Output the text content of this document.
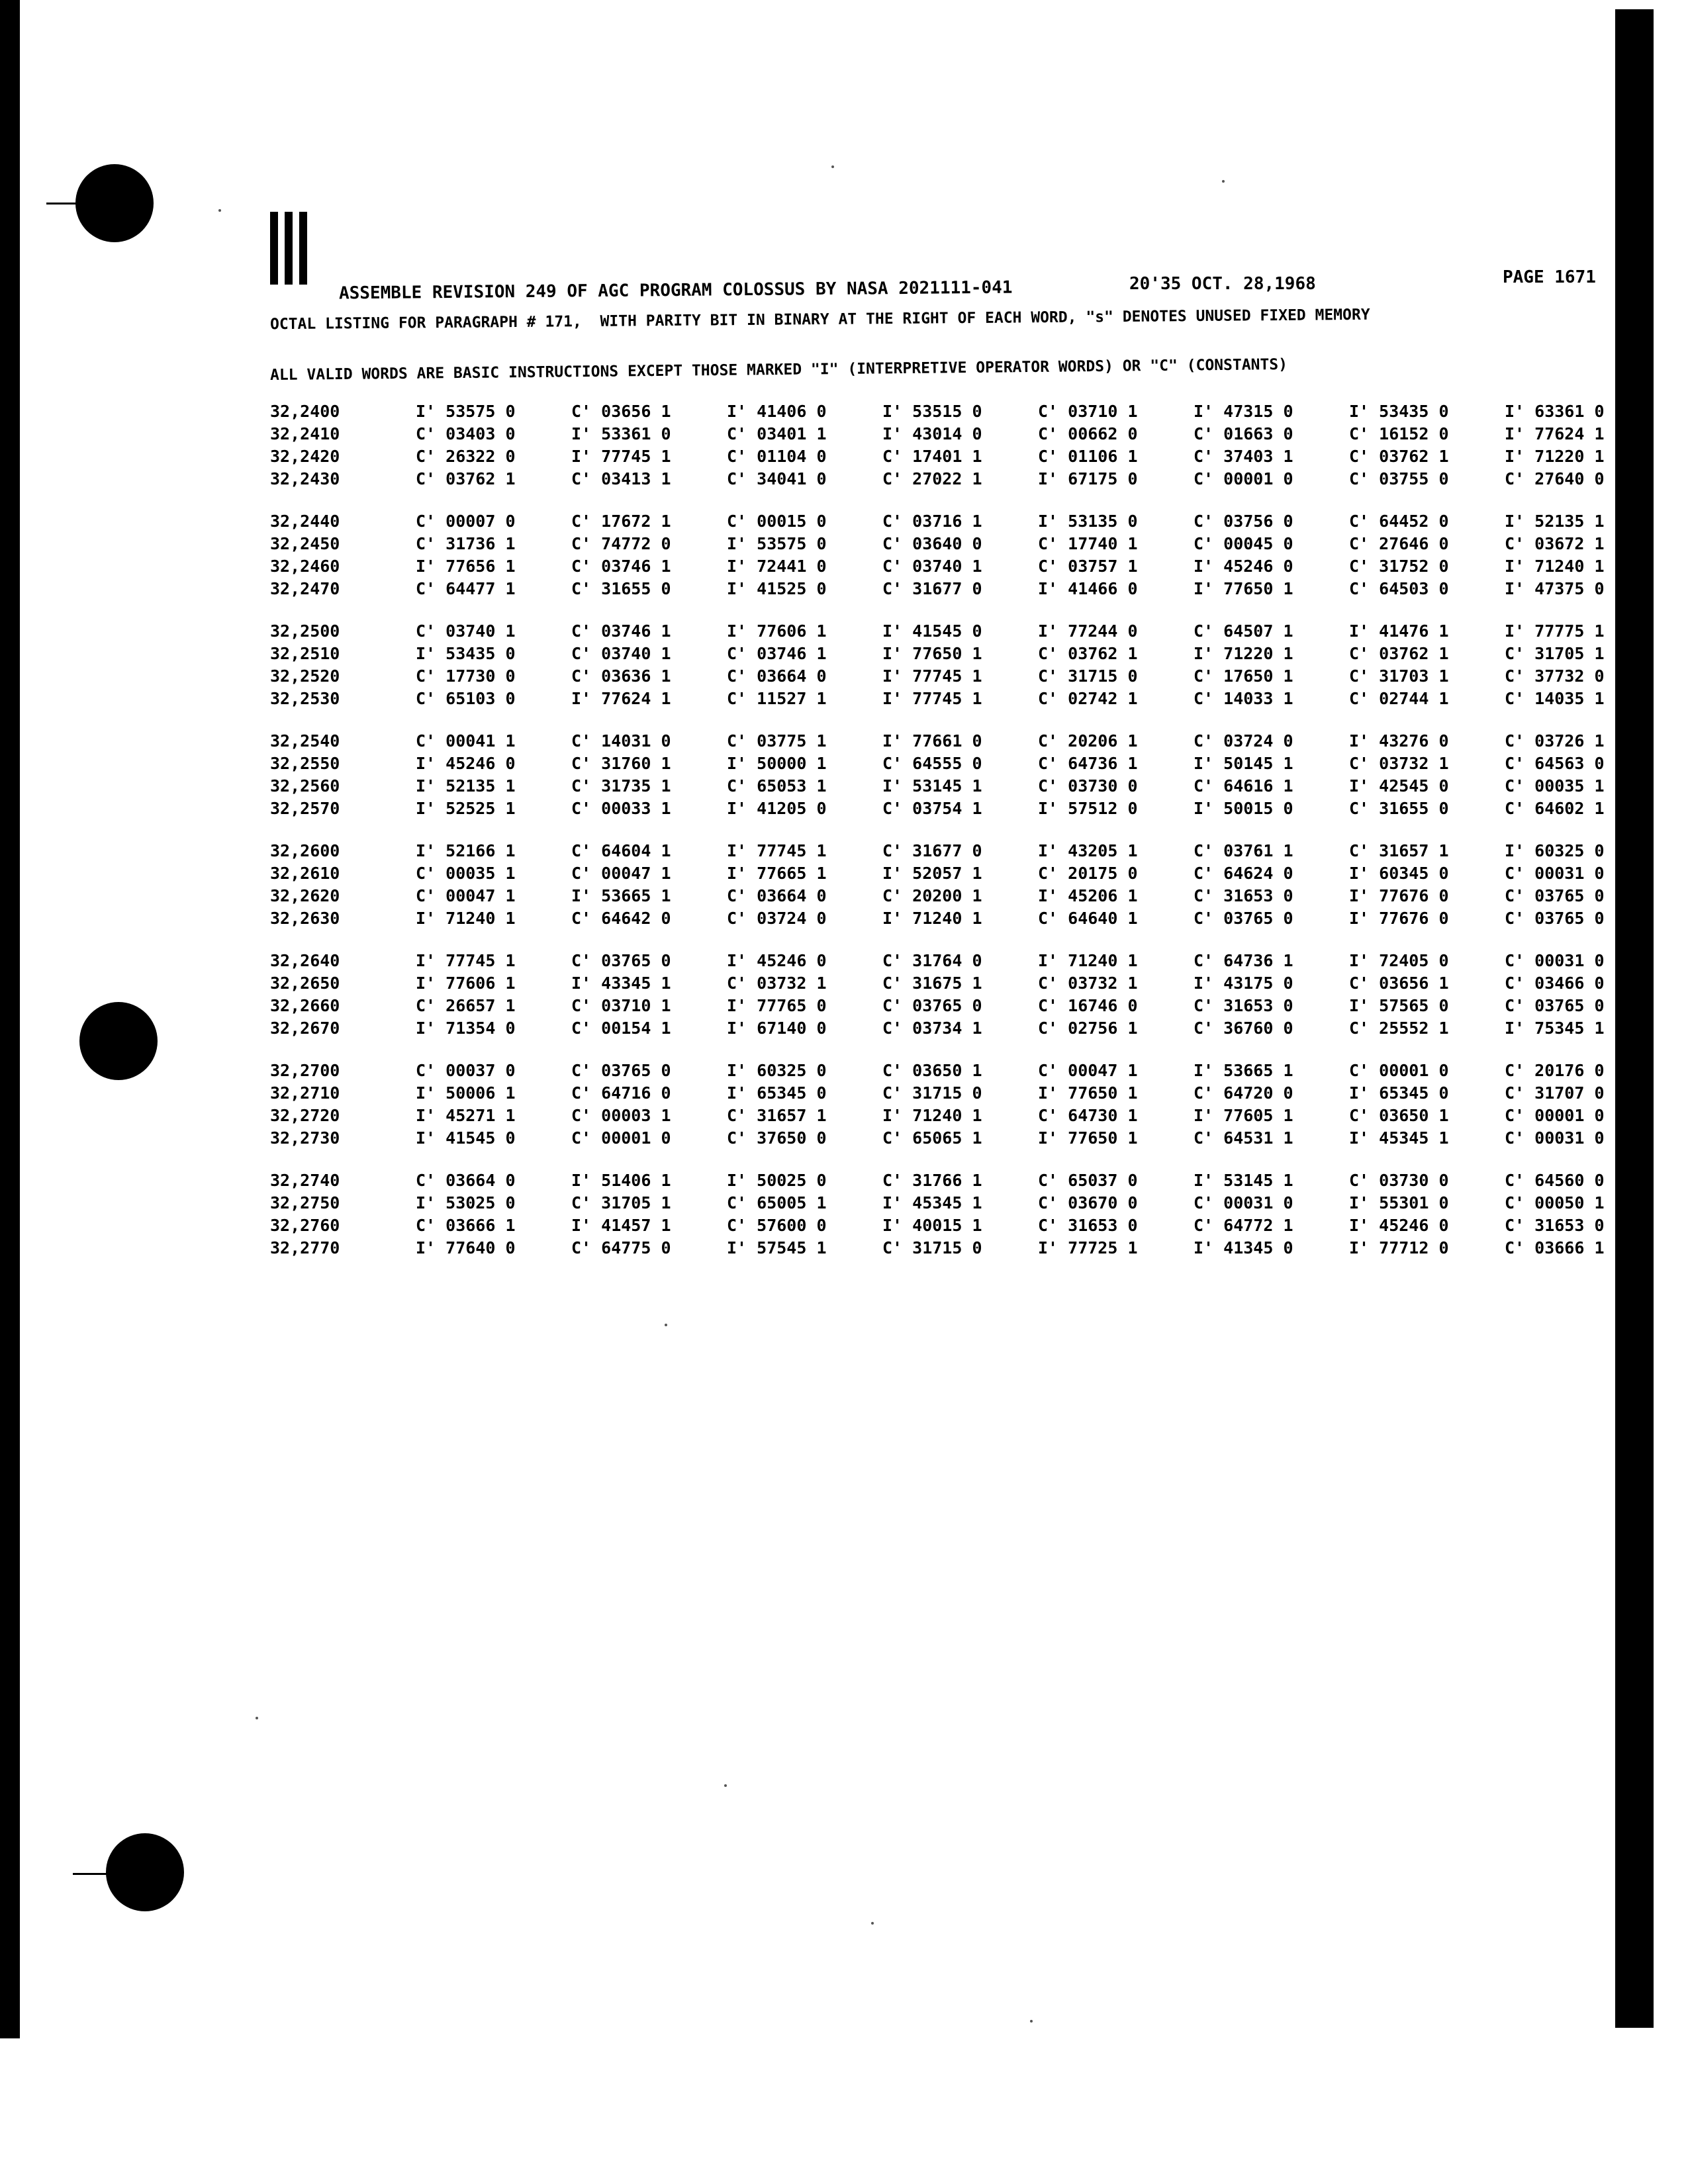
ASSEMBLE REVISION 249 OF AGC PROGRAM COLOSSUS BY NASA 2021111-041	20'35 OCT. 28,1968	PAGE 1671
OCTAL LISTING FOR PARAGRAPH # 171,  WITH PARITY BIT IN BINARY AT THE RIGHT OF EACH WORD, "s" DENOTES UNUSED FIXED MEMORY
ALL VALID WORDS ARE BASIC INSTRUCTIONS EXCEPT THOSE MARKED "I" (INTERPRETIVE OPERATOR WORDS) OR "C" (CONSTANTS)
32,2400	I' 53575 0	C' 03656 1	I' 41406 0	I' 53515 0	C' 03710 1	I' 47315 0	I' 53435 0	I' 63361 0
32,2410	C' 03403 0	I' 53361 0	C' 03401 1	I' 43014 0	C' 00662 0	C' 01663 0	C' 16152 0	I' 77624 1
32,2420	C' 26322 0	I' 77745 1	C' 01104 0	C' 17401 1	C' 01106 1	C' 37403 1	C' 03762 1	I' 71220 1
32,2430	C' 03762 1	C' 03413 1	C' 34041 0	C' 27022 1	I' 67175 0	C' 00001 0	C' 03755 0	C' 27640 0
32,2440	C' 00007 0	C' 17672 1	C' 00015 0	C' 03716 1	I' 53135 0	C' 03756 0	C' 64452 0	I' 52135 1
32,2450	C' 31736 1	C' 74772 0	I' 53575 0	C' 03640 0	C' 17740 1	C' 00045 0	C' 27646 0	C' 03672 1
32,2460	I' 77656 1	C' 03746 1	I' 72441 0	C' 03740 1	C' 03757 1	I' 45246 0	C' 31752 0	I' 71240 1
32,2470	C' 64477 1	C' 31655 0	I' 41525 0	C' 31677 0	I' 41466 0	I' 77650 1	C' 64503 0	I' 47375 0
32,2500	C' 03740 1	C' 03746 1	I' 77606 1	I' 41545 0	I' 77244 0	C' 64507 1	I' 41476 1	I' 77775 1
32,2510	I' 53435 0	C' 03740 1	C' 03746 1	I' 77650 1	C' 03762 1	I' 71220 1	C' 03762 1	C' 31705 1
32,2520	C' 17730 0	C' 03636 1	C' 03664 0	I' 77745 1	C' 31715 0	C' 17650 1	C' 31703 1	C' 37732 0
32,2530	C' 65103 0	I' 77624 1	C' 11527 1	I' 77745 1	C' 02742 1	C' 14033 1	C' 02744 1	C' 14035 1
32,2540	C' 00041 1	C' 14031 0	C' 03775 1	I' 77661 0	C' 20206 1	C' 03724 0	I' 43276 0	C' 03726 1
32,2550	I' 45246 0	C' 31760 1	I' 50000 1	C' 64555 0	C' 64736 1	I' 50145 1	C' 03732 1	C' 64563 0
32,2560	I' 52135 1	C' 31735 1	C' 65053 1	I' 53145 1	C' 03730 0	C' 64616 1	I' 42545 0	C' 00035 1
32,2570	I' 52525 1	C' 00033 1	I' 41205 0	C' 03754 1	I' 57512 0	I' 50015 0	C' 31655 0	C' 64602 1
32,2600	I' 52166 1	C' 64604 1	I' 77745 1	C' 31677 0	I' 43205 1	C' 03761 1	C' 31657 1	I' 60325 0
32,2610	C' 00035 1	C' 00047 1	I' 77665 1	I' 52057 1	C' 20175 0	C' 64624 0	I' 60345 0	C' 00031 0
32,2620	C' 00047 1	I' 53665 1	C' 03664 0	C' 20200 1	I' 45206 1	C' 31653 0	I' 77676 0	C' 03765 0
32,2630	I' 71240 1	C' 64642 0	C' 03724 0	I' 71240 1	C' 64640 1	C' 03765 0	I' 77676 0	C' 03765 0
32,2640	I' 77745 1	C' 03765 0	I' 45246 0	C' 31764 0	I' 71240 1	C' 64736 1	I' 72405 0	C' 00031 0
32,2650	I' 77606 1	I' 43345 1	C' 03732 1	C' 31675 1	C' 03732 1	I' 43175 0	C' 03656 1	C' 03466 0
32,2660	C' 26657 1	C' 03710 1	I' 77765 0	C' 03765 0	C' 16746 0	C' 31653 0	I' 57565 0	C' 03765 0
32,2670	I' 71354 0	C' 00154 1	I' 67140 0	C' 03734 1	C' 02756 1	C' 36760 0	C' 25552 1	I' 75345 1
32,2700	C' 00037 0	C' 03765 0	I' 60325 0	C' 03650 1	C' 00047 1	I' 53665 1	C' 00001 0	C' 20176 0
32,2710	I' 50006 1	C' 64716 0	I' 65345 0	C' 31715 0	I' 77650 1	C' 64720 0	I' 65345 0	C' 31707 0
32,2720	I' 45271 1	C' 00003 1	C' 31657 1	I' 71240 1	C' 64730 1	I' 77605 1	C' 03650 1	C' 00001 0
32,2730	I' 41545 0	C' 00001 0	C' 37650 0	C' 65065 1	I' 77650 1	C' 64531 1	I' 45345 1	C' 00031 0
32,2740	C' 03664 0	I' 51406 1	I' 50025 0	C' 31766 1	C' 65037 0	I' 53145 1	C' 03730 0	C' 64560 0
32,2750	I' 53025 0	C' 31705 1	C' 65005 1	I' 45345 1	C' 03670 0	C' 00031 0	I' 55301 0	C' 00050 1
32,2760	C' 03666 1	I' 41457 1	C' 57600 0	I' 40015 1	C' 31653 0	C' 64772 1	I' 45246 0	C' 31653 0
32,2770	I' 77640 0	C' 64775 0	I' 57545 1	C' 31715 0	I' 77725 1	I' 41345 0	I' 77712 0	C' 03666 1
